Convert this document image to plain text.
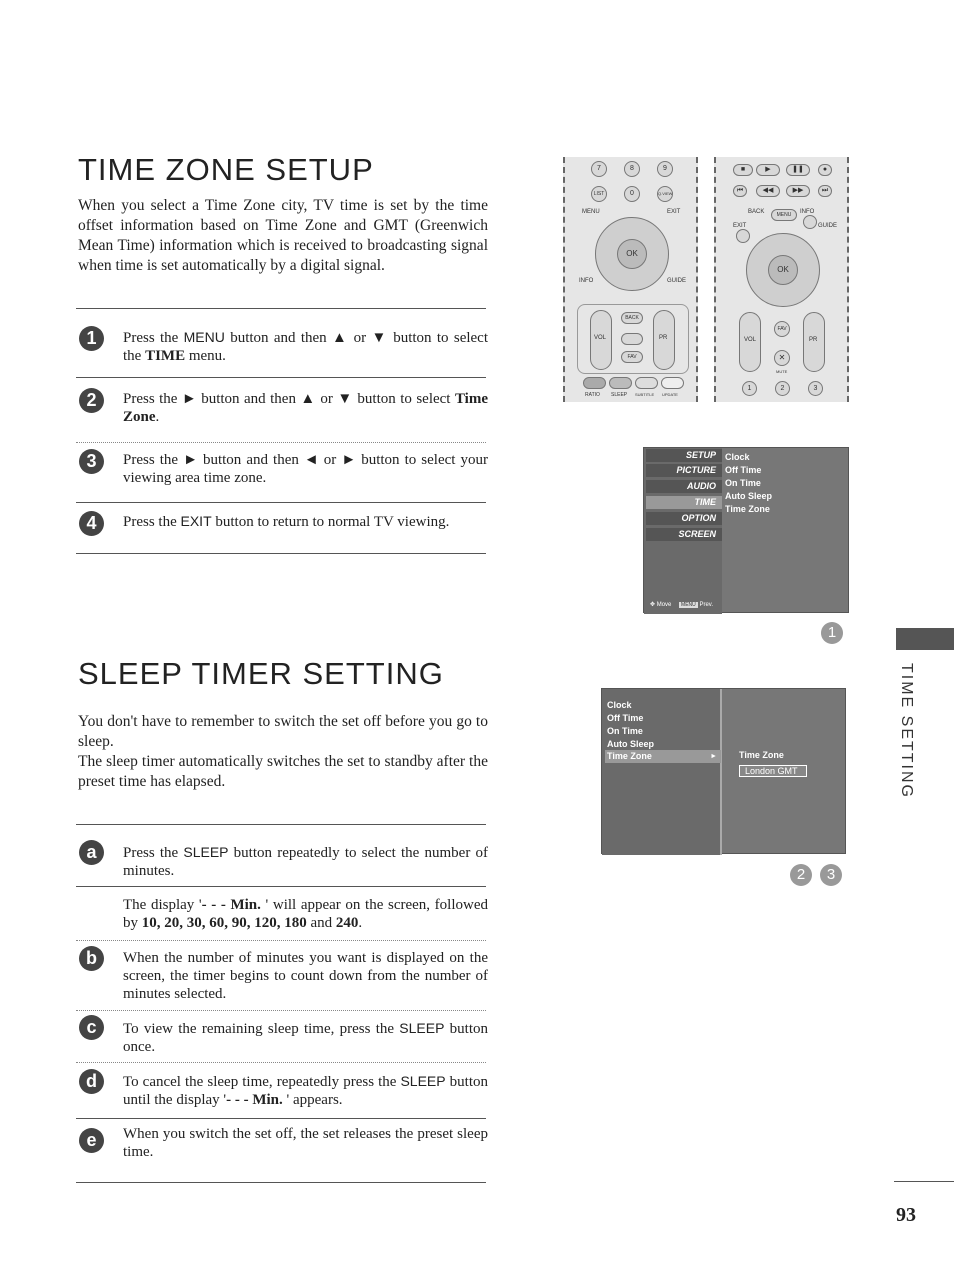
TIME ZONE SETUP
When you select a Time Zone city, TV time is set by the time offset information based on Time Zone and GMT (Greenwich Mean Time) information which is received to broadcasting signal when time is set automatically by a digital signal.
1	Press the MENU button and then ▲ or ▼ button to select the TIME menu.
2	Press the ► button and then ▲ or ▼ button to select Time Zone.
3	Press the ► button and then ◄ or ► button to select your viewing area time zone.
4	Press the EXIT button to return to normal TV viewing.
SLEEP TIMER SETTING

You don't have to remember to switch the set off before you go to sleep.

The sleep timer automatically switches the set to standby after the preset time has elapsed.

a	Press the SLEEP button repeatedly to select the number of minutes.
The display '- - - Min. ' will appear on the screen, followed by 10, 20, 30, 60, 90, 120, 180 and 240.
b	When the number of minutes you want is displayed on the screen, the timer begins to count down from the number of minutes selected.
c	To view the remaining sleep time, press the SLEEP button once.
d	To cancel the sleep time, repeatedly press the SLEEP button until the display '- - - Min. ' appears.
e	When you switch the set off, the set releases the preset sleep time.
7	8	9
LIST	0	Q.VIEW
MENU	EXIT
OK
INFO	GUIDE
VOL	PR
BACK
FAV
RATIO SLEEP SUBTITLE UPDATE
■	▶	❚❚	●
⏮	◀◀	▶▶	⏭
BACK	MENU	INFO
EXIT	GUIDE
OK
VOL	PR
FAV
✕
MUTE
1	2	3
SETUP
PICTURE
AUDIO
TIME
OPTION
SCREEN
✥ Move MENU Prev.
Clock
Off Time
On Time
Auto Sleep
Time Zone
1
Clock
Off Time
On Time
Auto Sleep
Time Zone	► Time Zone
London GMT
2	3
TIME SETTING
93
